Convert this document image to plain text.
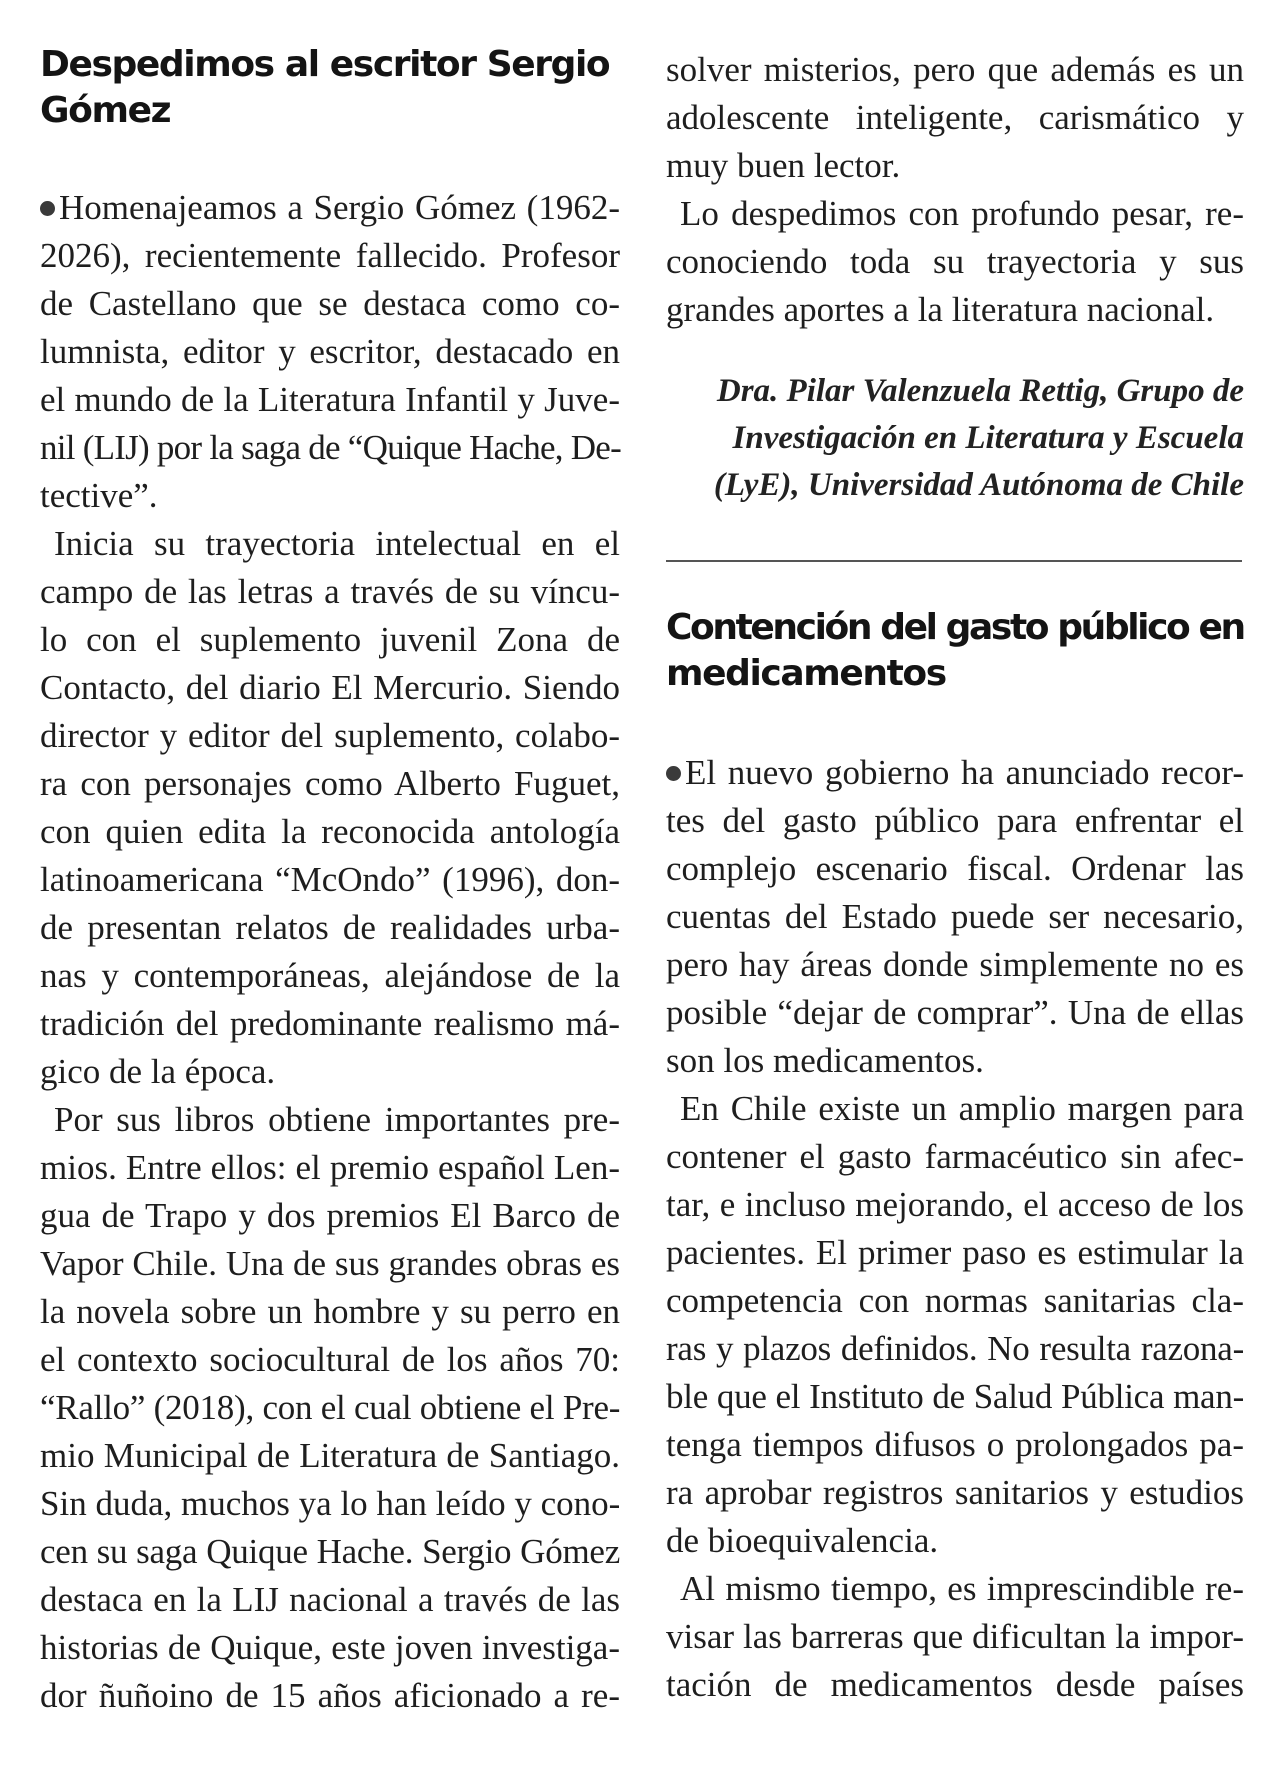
Despedimos al escritor Sergio
Gómez
Homenajeamos a Sergio Gómez (1962-
2026), recientemente fallecido. Profesor
de Castellano que se destaca como co-
lumnista, editor y escritor, destacado en
el mundo de la Literatura Infantil y Juve-
nil (LIJ) por la saga de “Quique Hache, De-
tective”.
Inicia su trayectoria intelectual en el
campo de las letras a través de su víncu-
lo con el suplemento juvenil Zona de
Contacto, del diario El Mercurio. Siendo
director y editor del suplemento, colabo-
ra con personajes como Alberto Fuguet,
con quien edita la reconocida antología
latinoamericana “McOndo” (1996), don-
de presentan relatos de realidades urba-
nas y contemporáneas, alejándose de la
tradición del predominante realismo má-
gico de la época.
Por sus libros obtiene importantes pre-
mios. Entre ellos: el premio español Len-
gua de Trapo y dos premios El Barco de
Vapor Chile. Una de sus grandes obras es
la novela sobre un hombre y su perro en
el contexto sociocultural de los años 70:
“Rallo” (2018), con el cual obtiene el Pre-
mio Municipal de Literatura de Santiago.
Sin duda, muchos ya lo han leído y cono-
cen su saga Quique Hache. Sergio Gómez
destaca en la LIJ nacional a través de las
historias de Quique, este joven investiga-
dor ñuñoino de 15 años aficionado a re-
solver misterios, pero que además es un
adolescente inteligente, carismático y
muy buen lector.
Lo despedimos con profundo pesar, re-
conociendo toda su trayectoria y sus
grandes aportes a la literatura nacional.
Dra. Pilar Valenzuela Rettig, Grupo de
Investigación en Literatura y Escuela
(LyE), Universidad Autónoma de Chile
Contención del gasto público en
medicamentos
El nuevo gobierno ha anunciado recor-
tes del gasto público para enfrentar el
complejo escenario fiscal. Ordenar las
cuentas del Estado puede ser necesario,
pero hay áreas donde simplemente no es
posible “dejar de comprar”. Una de ellas
son los medicamentos.
En Chile existe un amplio margen para
contener el gasto farmacéutico sin afec-
tar, e incluso mejorando, el acceso de los
pacientes. El primer paso es estimular la
competencia con normas sanitarias cla-
ras y plazos definidos. No resulta razona-
ble que el Instituto de Salud Pública man-
tenga tiempos difusos o prolongados pa-
ra aprobar registros sanitarios y estudios
de bioequivalencia.
Al mismo tiempo, es imprescindible re-
visar las barreras que dificultan la impor-
tación de medicamentos desde países
